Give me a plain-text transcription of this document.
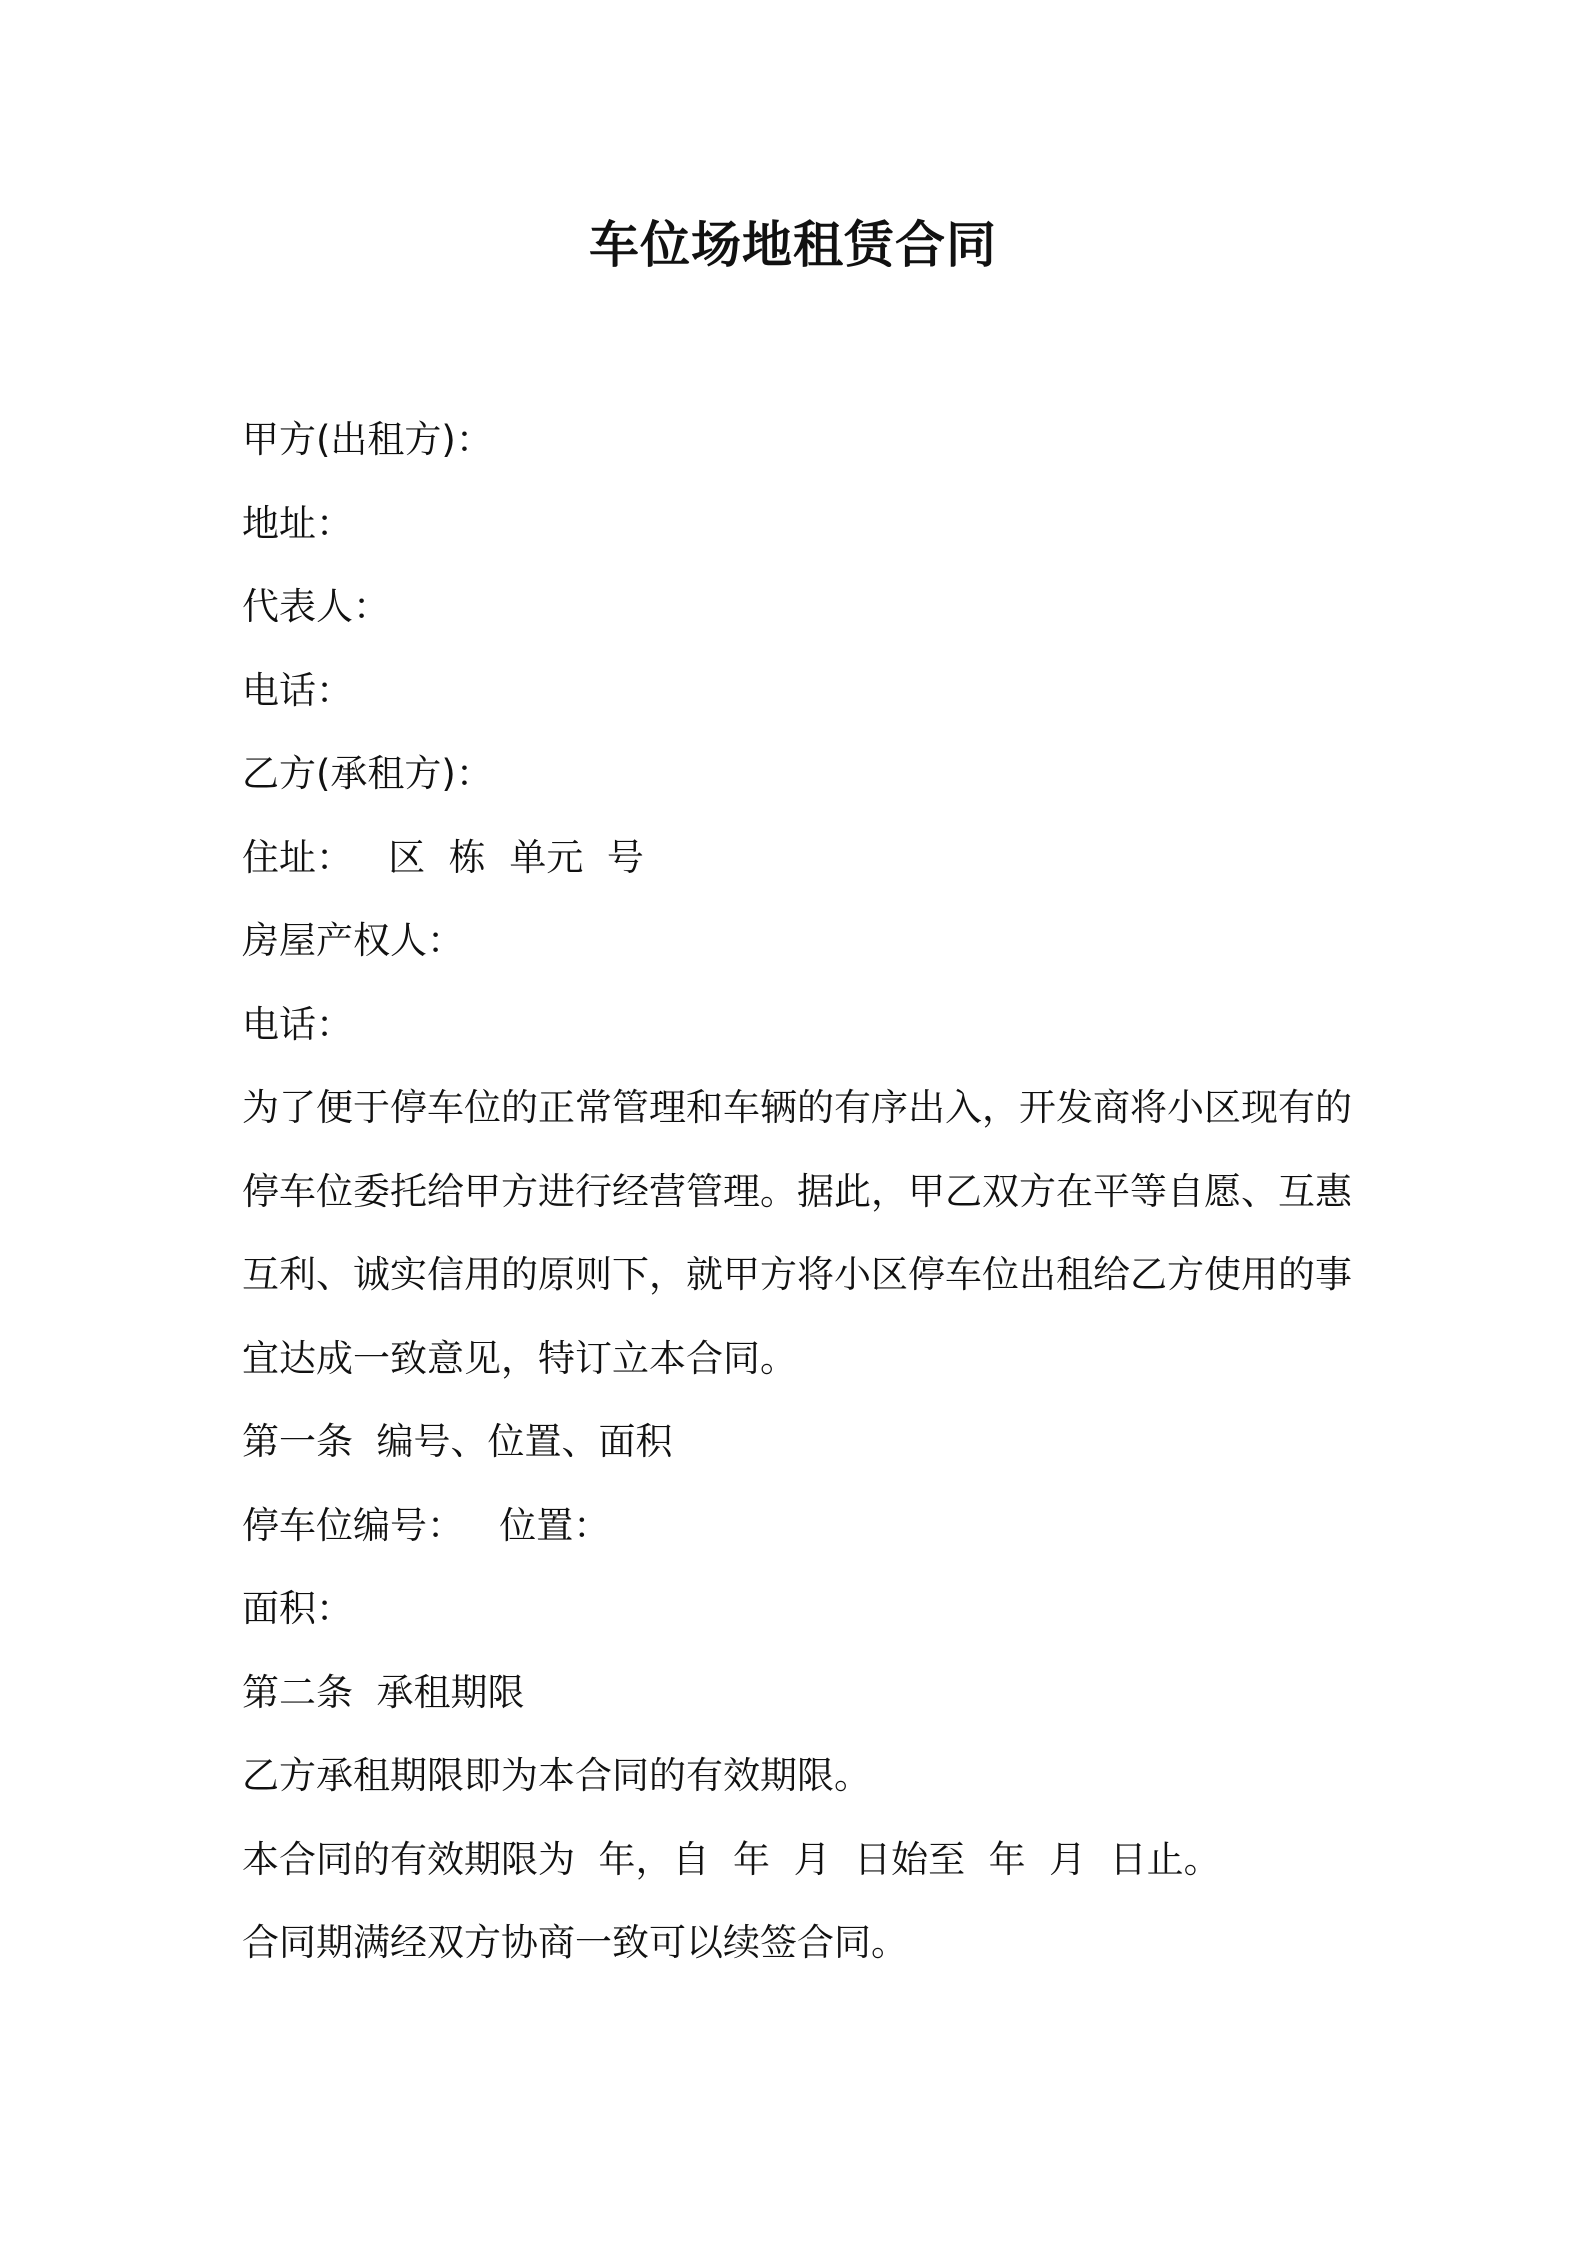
车位场地租赁合同

甲方(出租方)：

地址：

代表人：

电话：

乙方(承租方)：

住址：   区  栋  单元  号

房屋产权人：

电话：

为了便于停车位的正常管理和车辆的有序出入，开发商将小区现有的

停车位委托给甲方进行经营管理。据此，甲乙双方在平等自愿、互惠

互利、诚实信用的原则下，就甲方将小区停车位出租给乙方使用的事

宜达成一致意见，特订立本合同。

第一条  编号、位置、面积

停车位编号：   位置：

面积：

第二条  承租期限

乙方承租期限即为本合同的有效期限。

本合同的有效期限为  年，自  年  月  日始至  年  月  日止。

合同期满经双方协商一致可以续签合同。
